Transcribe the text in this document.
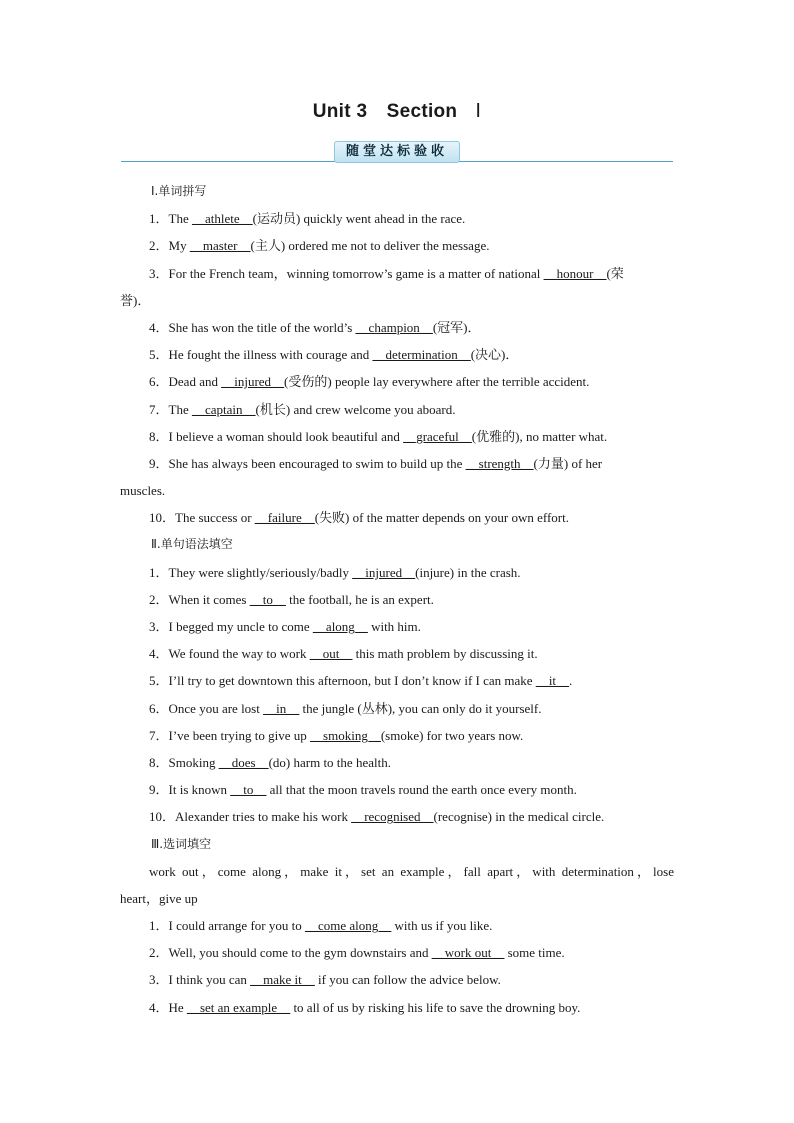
Unit 3 Section Ⅰ
随堂达标验收
Ⅰ.单词拼写
1．The __athlete__(运动员) quickly went ahead in the race.
2．My __master__(主人) ordered me not to deliver the message.
3．For the French team，winning tomorrow’s game is a matter of national __honour__(荣
誉)．
4．She has won the title of the world’s __champion__(冠军)．
5．He fought the illness with courage and __determination__(决心)．
6．Dead and __injured__(受伤的) people lay everywhere after the terrible accident.
7．The __captain__(机长) and crew welcome you aboard.
8．I believe a woman should look beautiful and __graceful__(优雅的), no matter what.
9．She has always been encouraged to swim to build up the __strength__(力量) of her
muscles.
10．The success or __failure__(失败) of the matter depends on your own effort.
Ⅱ.单句语法填空
1．They were slightly/seriously/badly __injured__(injure) in the crash.
2．When it comes __to__ the football, he is an expert.
3．I begged my uncle to come __along__ with him.
4．We found the way to work __out__ this math problem by discussing it.
5．I’ll try to get downtown this afternoon, but I don’t know if I can make __it__.
6．Once you are lost __in__ the jungle (丛林), you can only do it yourself.
7．I’ve been trying to give up __smoking__(smoke) for two years now.
8．Smoking __does__(do) harm to the health.
9．It is known __to__ all that the moon travels round the earth once every month.
10．Alexander tries to make his work __recognised__(recognise) in the medical circle.
Ⅲ.选词填空
work out，come along，make it，set an example，fall apart，with determination，lose
heart，give up
1．I could arrange for you to __come along__ with us if you like.
2．Well, you should come to the gym downstairs and __work out__ some time.
3．I think you can __make it__ if you can follow the advice below.
4．He __set an example__ to all of us by risking his life to save the drowning boy.
